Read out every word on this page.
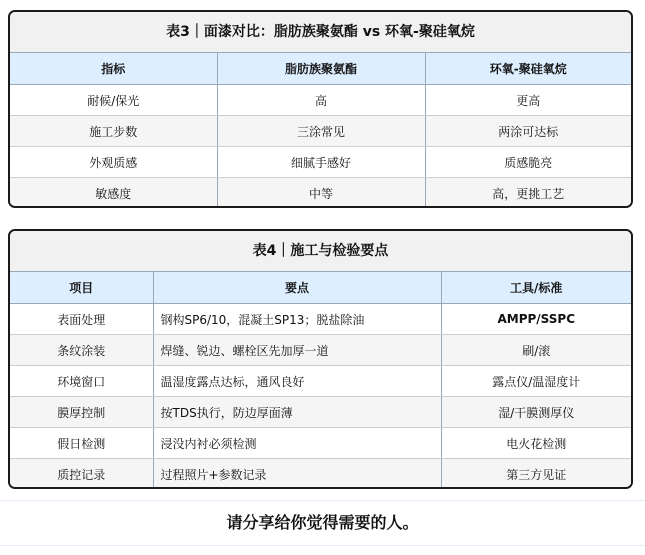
表3｜面漆对比：脂肪族聚氨酯 vs 环氧-聚硅氧烷
指标	脂肪族聚氨酯	环氧-聚硅氧烷
耐候/保光	高	更高
施工步数	三涂常见	两涂可达标
外观质感	细腻手感好	质感脆亮
敏感度	中等	高，更挑工艺
表4｜施工与检验要点
项目	要点	工具/标准
表面处理	钢构SP6/10，混凝土SP13；脱盐除油	AMPP/SSPC
条纹涂装	焊缝、锐边、螺栓区先加厚一道	刷/滚
环境窗口	温湿度露点达标，通风良好	露点仪/温湿度计
膜厚控制	按TDS执行，防边厚面薄	湿/干膜测厚仪
假日检测	浸没内衬必须检测	电火花检测
质控记录	过程照片+参数记录	第三方见证
请分享给你觉得需要的人。
